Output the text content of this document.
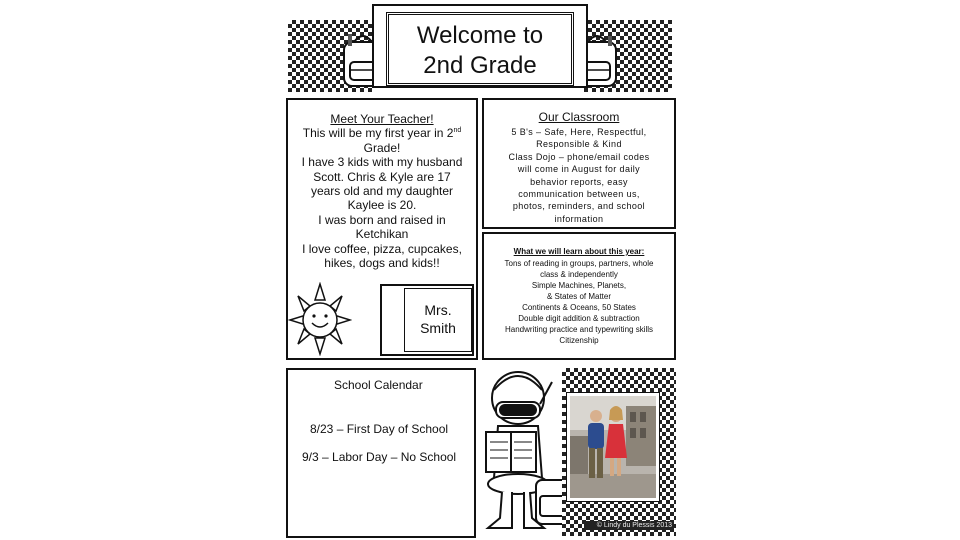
Welcome to
2nd Grade
Meet Your Teacher!
This will be my first year in 2nd
Grade!
I have 3 kids with my husband
Scott. Chris & Kyle are 17
years old and my daughter
Kaylee is 20.
I was born and raised in
Ketchikan
I love coffee, pizza, cupcakes,
hikes, dogs and kids!!
Mrs.
Smith
Our Classroom
5 B's – Safe, Here, Respectful,
Responsible & Kind
Class Dojo – phone/email codes
will come in August for daily
behavior reports, easy
communication between us,
photos, reminders, and school
information
What we will learn about this year:
Tons of reading in groups, partners, whole
class & independently
Simple Machines, Planets,
& States of Matter
Continents & Oceans, 50 States
Double digit addition & subtraction
Handwriting practice and typewriting skills
Citizenship
School Calendar
8/23 – First Day of School
9/3 – Labor Day – No School
© Lindy du Plessis 2013
